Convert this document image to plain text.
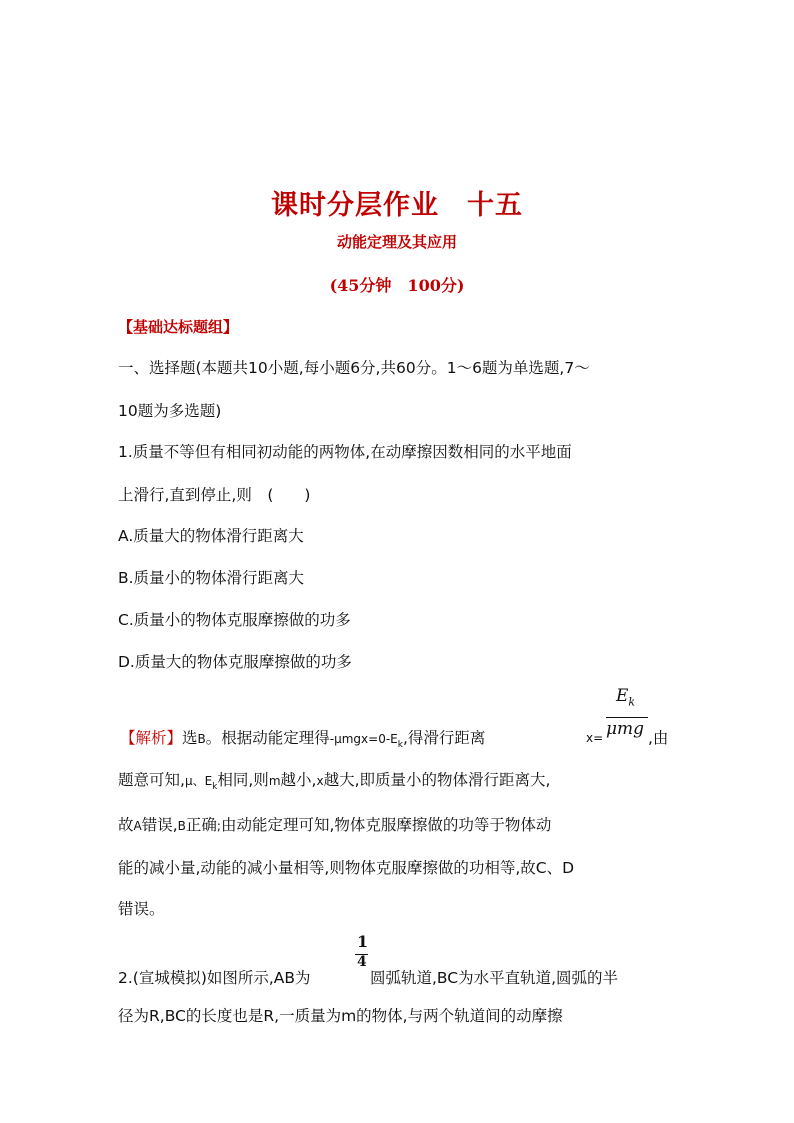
课时分层作业　十五
动能定理及其应用
(45分钟　100分)
【基础达标题组】
一、选择题(本题共10小题,每小题6分,共60分。1～6题为单选题,7～
10题为多选题)
1.质量不等但有相同初动能的两物体,在动摩擦因数相同的水平地面
上滑行,直到停止,则　(　　)
A.质量大的物体滑行距离大
B.质量小的物体滑行距离大
C.质量小的物体克服摩擦做的功多
D.质量大的物体克服摩擦做的功多
【解析】选B。根据动能定理得$-\mu mgx=0-E_k$,得滑行距离	x=
$E_k$
μmg ,由
题意可知,μ、$E_k$相同,则m越小,x越大,即质量小的物体滑行距离大,
故A错误,B正确;由动能定理可知,物体克服摩擦做的功等于物体动
能的减小量,动能的减小量相等,则物体克服摩擦做的功相等,故C、D
错误。
1
4
2.(宣城模拟)如图所示,AB为	圆弧轨道,BC为水平直轨道,圆弧的半
径为R,BC的长度也是R,一质量为m的物体,与两个轨道间的动摩擦
